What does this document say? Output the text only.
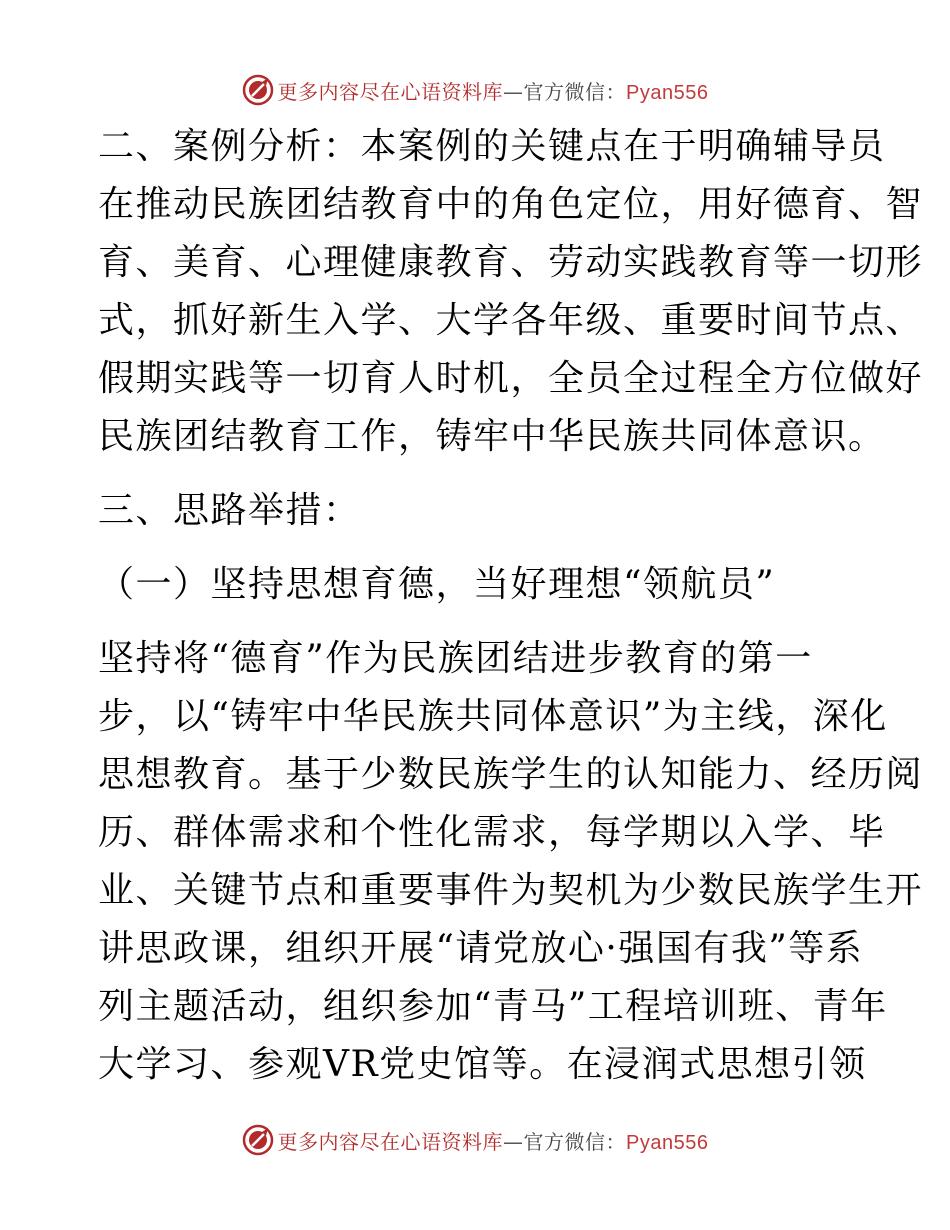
更多内容尽在心语资料库—官方微信：Pyan556
二、案例分析：本案例的关键点在于明确辅导员
在推动民族团结教育中的角色定位，用好德育、智
育、美育、心理健康教育、劳动实践教育等一切形
式，抓好新生入学、大学各年级、重要时间节点、
假期实践等一切育人时机，全员全过程全方位做好
民族团结教育工作，铸牢中华民族共同体意识。
三、思路举措：
（一）坚持思想育德，当好理想“领航员”
坚持将“德育”作为民族团结进步教育的第一
步，以“铸牢中华民族共同体意识”为主线，深化
思想教育。基于少数民族学生的认知能力、经历阅
历、群体需求和个性化需求，每学期以入学、毕
业、关键节点和重要事件为契机为少数民族学生开
讲思政课，组织开展“请党放心·强国有我”等系
列主题活动，组织参加“青马”工程培训班、青年
大学习、参观VR党史馆等。在浸润式思想引领
更多内容尽在心语资料库—官方微信：Pyan556
